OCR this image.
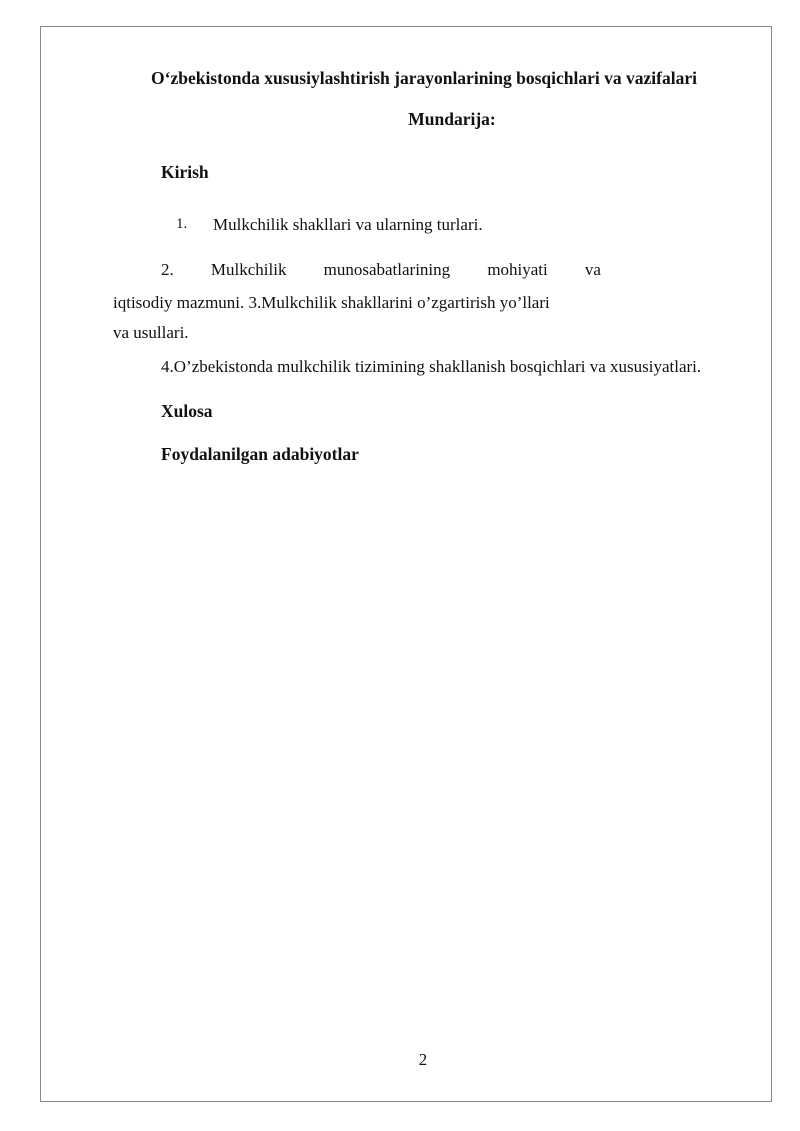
O‘zbekistonda xususiylashtirish jarayonlarining bosqichlari va vazifalari
Mundarija:
Kirish
1. Mulkchilik shakllari va ularning turlari.
2. Mulkchilik munosabatlarining mohiyati va
iqtisodiy mazmuni. 3.Mulkchilik shakllarini o’zgartirish yo’llari
va usullari.
4.O’zbekistonda mulkchilik tizimining shakllanish bosqichlari va xususiyatlari.
Xulosa
Foydalanilgan adabiyotlar
2
